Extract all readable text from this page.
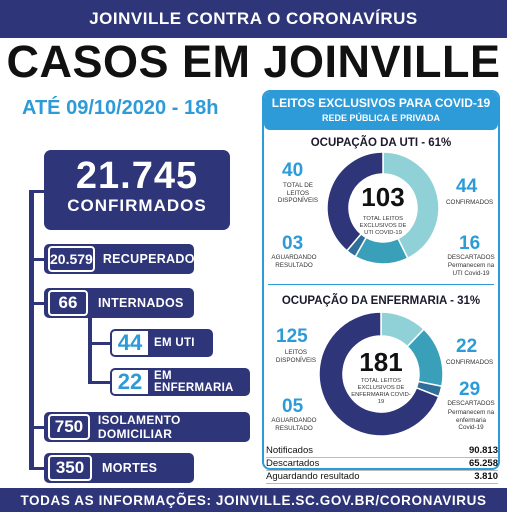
JOINVILLE CONTRA O CORONAVÍRUS
CASOS EM JOINVILLE
ATÉ 09/10/2020 - 18h
21.745
CONFIRMADOS
20.579 RECUPERADOS
66	INTERNADOS
44	EM UTI
22	EM ENFERMARIA
750	ISOLAMENTO DOMICILIAR
350	MORTES
LEITOS EXCLUSIVOS PARA COVID-19
REDE PÚBLICA E PRIVADA
OCUPAÇÃO DA UTI - 61%
103
TOTAL LEITOS EXCLUSIVOS DE UTI COVID-19
40
TOTAL DE LEITOS DISPONÍVEIS
03
AGUARDANDO RESULTADO
44
CONFIRMADOS
16
DESCARTADOS
Permanecem na UTI Covid-19
OCUPAÇÃO DA ENFERMARIA - 31%
181
TOTAL LEITOS EXCLUSIVOS DE ENFERMARIA COVID-19
125
LEITOS DISPONÍVEIS
05
AGUARDANDO RESULTADO
22
CONFIRMADOS
29
DESCARTADOS
Permanecem na enfermaria Covid-19
Notificados	90.813
Descartados	65.258
Aguardando resultado	3.810
TODAS AS INFORMAÇÕES: JOINVILLE.SC.GOV.BR/CORONAVIRUS
